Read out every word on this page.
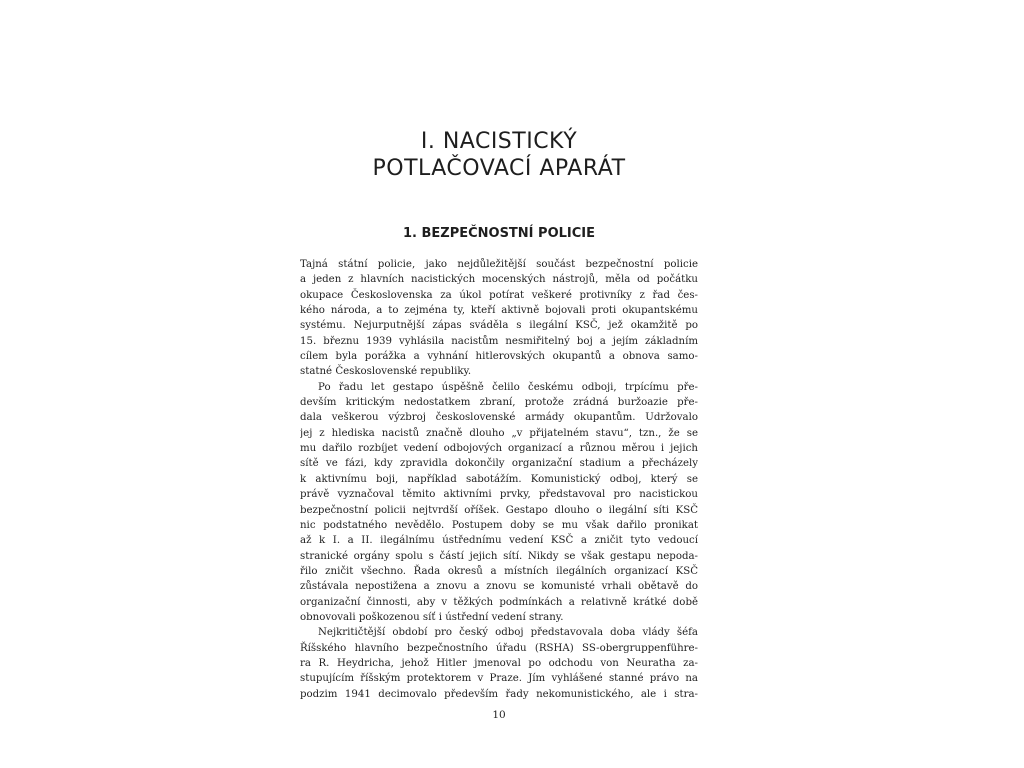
I. NACISTICKÝ
POTLAČOVACÍ APARÁT
1. BEZPEČNOSTNÍ POLICIE
Tajná státní policie, jako nejdůležitější součást bezpečnostní policie
a jeden z hlavních nacistických mocenských nástrojů, měla od počátku
okupace Československa za úkol potírat veškeré protivníky z řad čes-
kého národa, a to zejména ty, kteří aktivně bojovali proti okupantskému
systému. Nejurputnější zápas sváděla s ilegální KSČ, jež okamžitě po
15. březnu 1939 vyhlásila nacistům nesmiřitelný boj a jejím základním
cílem byla porážka a vyhnání hitlerovských okupantů a obnova samo-
statné Československé republiky.
Po řadu let gestapo úspěšně čelilo českému odboji, trpícímu pře-
devším kritickým nedostatkem zbraní, protože zrádná buržoazie pře-
dala veškerou výzbroj československé armády okupantům. Udržovalo
jej z hlediska nacistů značně dlouho „v přijatelném stavu“, tzn., že se
mu dařilo rozbíjet vedení odbojových organizací a různou měrou i jejich
sítě ve fázi, kdy zpravidla dokončily organizační stadium a přecházely
k aktivnímu boji, například sabotážím. Komunistický odboj, který se
právě vyznačoval těmito aktivními prvky, představoval pro nacistickou
bezpečnostní policii nejtvrdší oříšek. Gestapo dlouho o ilegální síti KSČ
nic podstatného nevědělo. Postupem doby se mu však dařilo pronikat
až k I. a II. ilegálnímu ústřednímu vedení KSČ a zničit tyto vedoucí
stranické orgány spolu s částí jejich sítí. Nikdy se však gestapu nepoda-
řilo zničit všechno. Řada okresů a místních ilegálních organizací KSČ
zůstávala nepostižena a znovu a znovu se komunisté vrhali obětavě do
organizační činnosti, aby v těžkých podmínkách a relativně krátké době
obnovovali poškozenou síť i ústřední vedení strany.
Nejkritičtější období pro český odboj představovala doba vlády šéfa
Říšského hlavního bezpečnostního úřadu (RSHA) SS-obergruppenführe-
ra R. Heydricha, jehož Hitler jmenoval po odchodu von Neuratha za-
stupujícím říšským protektorem v Praze. Jím vyhlášené stanné právo na
podzim 1941 decimovalo především řady nekomunistického, ale i stra-
10
